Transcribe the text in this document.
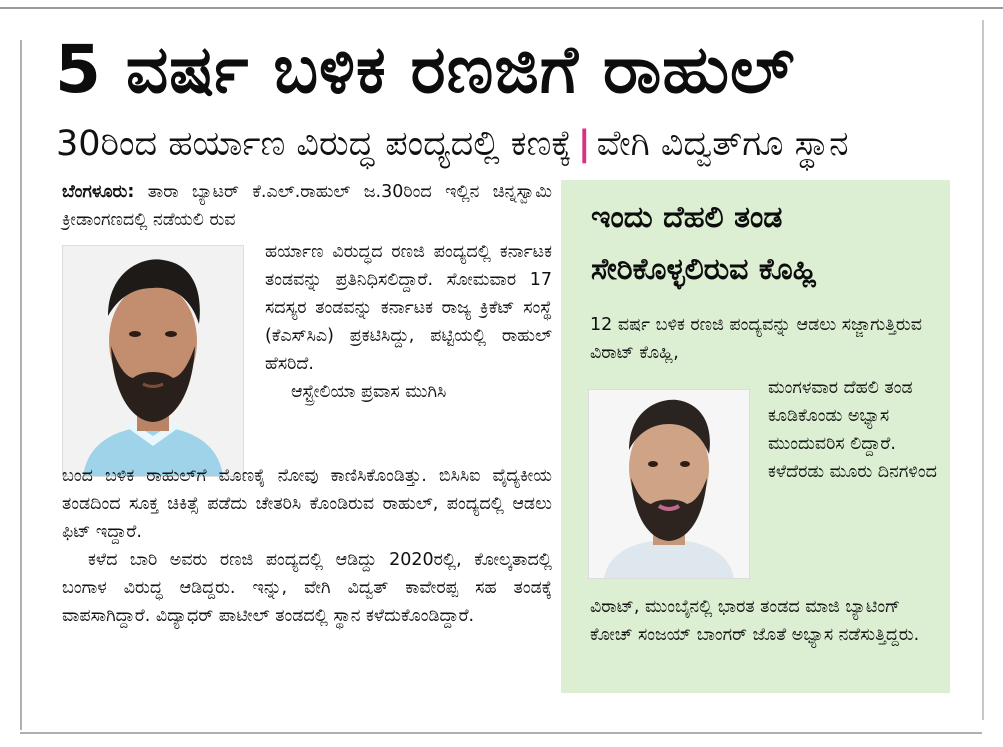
5 ವರ್ಷ ಬಳಿಕ ರಣಜಿಗೆ ರಾಹುಲ್
30ರಿಂದ ಹರ್ಯಾಣ ವಿರುದ್ಧ ಪಂದ್ಯದಲ್ಲಿ ಕಣಕ್ಕೆ | ವೇಗಿ ವಿದ್ವತ್‌ಗೂ ಸ್ಥಾನ

ಬೆಂಗಳೂರು: ತಾರಾ ಬ್ಯಾಟರ್ ಕೆ.ಎಲ್.ರಾಹುಲ್ ಜ.30ರಿಂದ ಇಲ್ಲಿನ ಚಿನ್ನಸ್ವಾಮಿ ಕ್ರೀಡಾಂಗಣದಲ್ಲಿ ನಡೆಯಲಿ ರುವ

ಹರ್ಯಾಣ ವಿರುದ್ಧದ ರಣಜಿ ಪಂದ್ಯದಲ್ಲಿ ಕರ್ನಾಟಕ ತಂಡವನ್ನು ಪ್ರತಿನಿಧಿಸಲಿದ್ದಾರೆ. ಸೋಮವಾರ 17 ಸದಸ್ಯರ ತಂಡವನ್ನು ಕರ್ನಾಟಕ ರಾಜ್ಯ ಕ್ರಿಕೆಟ್ ಸಂಸ್ಥೆ (ಕೆಎಸ್‌ಸಿಎ) ಪ್ರಕಟಿಸಿದ್ದು, ಪಟ್ಟಿಯಲ್ಲಿ ರಾಹುಲ್ ಹೆಸರಿದೆ.

ಆಸ್ಟ್ರೇಲಿಯಾ ಪ್ರವಾಸ ಮುಗಿಸಿ

ಬಂದ ಬಳಿಕ ರಾಹುಲ್‌ಗೆ ಮೊಣಕೈ ನೋವು ಕಾಣಿಸಿಕೊಂಡಿತ್ತು. ಬಿಸಿಸಿಐ ವೈದ್ಯಕೀಯ ತಂಡದಿಂದ ಸೂಕ್ತ ಚಿಕಿತ್ಸೆ ಪಡೆದು ಚೇತರಿಸಿ ಕೊಂಡಿರುವ ರಾಹುಲ್, ಪಂದ್ಯದಲ್ಲಿ ಆಡಲು ಫಿಟ್ ಇದ್ದಾರೆ.

ಕಳೆದ ಬಾರಿ ಅವರು ರಣಜಿ ಪಂದ್ಯದಲ್ಲಿ ಆಡಿದ್ದು 2020ರಲ್ಲಿ, ಕೋಲ್ಕತಾದಲ್ಲಿ ಬಂಗಾಳ ವಿರುದ್ಧ ಆಡಿದ್ದರು. ಇನ್ನು, ವೇಗಿ ವಿದ್ವತ್ ಕಾವೇರಪ್ಪ ಸಹ ತಂಡಕ್ಕೆ ವಾಪಸಾಗಿದ್ದಾರೆ. ವಿದ್ಯಾಧರ್ ಪಾಟೀಲ್ ತಂಡದಲ್ಲಿ ಸ್ಥಾನ ಕಳೆದುಕೊಂಡಿದ್ದಾರೆ.

ಇಂದು ದೆಹಲಿ ತಂಡ
ಸೇರಿಕೊಳ್ಳಲಿರುವ ಕೊಹ್ಲಿ

12 ವರ್ಷ ಬಳಿಕ ರಣಜಿ ಪಂದ್ಯವನ್ನು ಆಡಲು ಸಜ್ಜಾಗುತ್ತಿರುವ ವಿರಾಟ್ ಕೊಹ್ಲಿ,

ಮಂಗಳವಾರ ದೆಹಲಿ ತಂಡ ಕೂಡಿಕೊಂಡು ಅಭ್ಯಾಸ ಮುಂದುವರಿಸ ಲಿದ್ದಾರೆ. ಕಳೆದೆರಡು ಮೂರು ದಿನಗಳಿಂದ

ವಿರಾಟ್, ಮುಂಬೈನಲ್ಲಿ ಭಾರತ ತಂಡದ ಮಾಜಿ ಬ್ಯಾಟಿಂಗ್ ಕೋಚ್ ಸಂಜಯ್ ಬಾಂಗರ್ ಜೊತೆ ಅಭ್ಯಾಸ ನಡೆಸುತ್ತಿದ್ದರು.
